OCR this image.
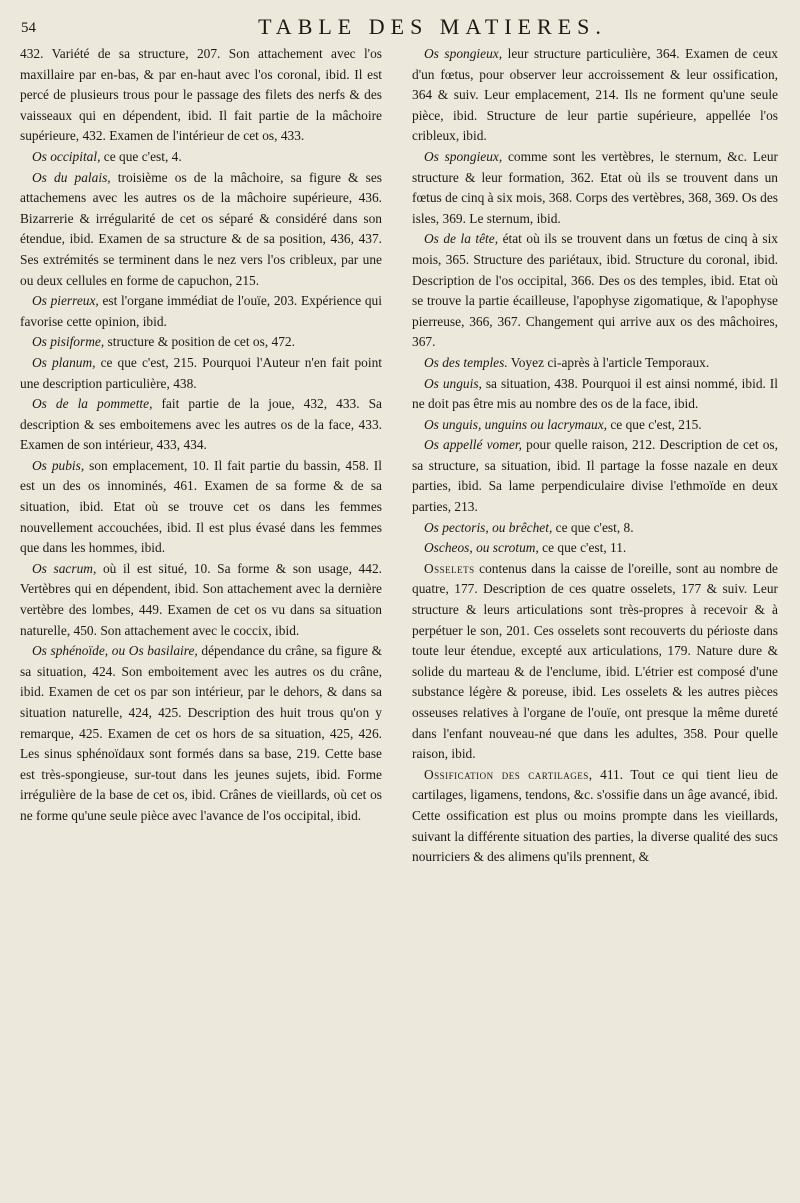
54	TABLE DES MATIERES.

432. Variété de sa structure, 207. Son attachement avec l'os maxillaire par en-bas, & par en-haut avec l'os coronal, ibid. Il est percé de plusieurs trous pour le passage des filets des nerfs & des vaisseaux qui en dépendent, ibid. Il fait partie de la mâchoire supérieure, 432. Examen de l'intérieur de cet os, 433.

Os occipital, ce que c'est, 4.

Os du palais, troisième os de la mâchoire, sa figure & ses attachemens avec les autres os de la mâchoire supérieure, 436. Bizarrerie & irrégularité de cet os séparé & considéré dans son étendue, ibid. Examen de sa structure & de sa position, 436, 437. Ses extrémités se terminent dans le nez vers l'os cribleux, par une ou deux cellules en forme de capuchon, 215.

Os pierreux, est l'organe immédiat de l'ouïe, 203. Expérience qui favorise cette opinion, ibid.

Os pisiforme, structure & position de cet os, 472.

Os planum, ce que c'est, 215. Pourquoi l'Auteur n'en fait point une description particulière, 438.

Os de la pommette, fait partie de la joue, 432, 433. Sa description & ses emboitemens avec les autres os de la face, 433. Examen de son intérieur, 433, 434.

Os pubis, son emplacement, 10. Il fait partie du bassin, 458. Il est un des os innominés, 461. Examen de sa forme & de sa situation, ibid. Etat où se trouve cet os dans les femmes nouvellement accouchées, ibid. Il est plus évasé dans les femmes que dans les hommes, ibid.

Os sacrum, où il est situé, 10. Sa forme & son usage, 442. Vertèbres qui en dépendent, ibid. Son attachement avec la dernière vertèbre des lombes, 449. Examen de cet os vu dans sa situation naturelle, 450. Son attachement avec le coccix, ibid.

Os sphénoïde, ou Os basilaire, dépendance du crâne, sa figure & sa situation, 424. Son emboitement avec les autres os du crâne, ibid. Examen de cet os par son intérieur, par le dehors, & dans sa situation naturelle, 424, 425. Description des huit trous qu'on y remarque, 425. Examen de cet os hors de sa situation, 425, 426. Les sinus sphénoïdaux sont formés dans sa base, 219. Cette base est très-spongieuse, sur-tout dans les jeunes sujets, ibid. Forme irrégulière de la base de cet os, ibid. Crânes de vieillards, où cet os ne forme qu'une seule pièce avec l'avance de l'os occipital, ibid.

Os spongieux, leur structure particulière, 364. Examen de ceux d'un fœtus, pour observer leur accroissement & leur ossification, 364 & suiv. Leur emplacement, 214. Ils ne forment qu'une seule pièce, ibid. Structure de leur partie supérieure, appellée l'os cribleux, ibid.

Os spongieux, comme sont les vertèbres, le sternum, &c. Leur structure & leur formation, 362. Etat où ils se trouvent dans un fœtus de cinq à six mois, 368. Corps des vertèbres, 368, 369. Os des isles, 369. Le sternum, ibid.

Os de la tête, état où ils se trouvent dans un fœtus de cinq à six mois, 365. Structure des pariétaux, ibid. Structure du coronal, ibid. Description de l'os occipital, 366. Des os des temples, ibid. Etat où se trouve la partie écailleuse, l'apophyse zigomatique, & l'apophyse pierreuse, 366, 367. Changement qui arrive aux os des mâchoires, 367.

Os des temples. Voyez ci-après à l'article Temporaux.

Os unguis, sa situation, 438. Pourquoi il est ainsi nommé, ibid. Il ne doit pas être mis au nombre des os de la face, ibid.

Os unguis, unguins ou lacrymaux, ce que c'est, 215.

Os appellé vomer, pour quelle raison, 212. Description de cet os, sa structure, sa situation, ibid. Il partage la fosse nazale en deux parties, ibid. Sa lame perpendiculaire divise l'ethmoïde en deux parties, 213.

Os pectoris, ou brêchet, ce que c'est, 8.

Oscheos, ou scrotum, ce que c'est, 11.

Osselets contenus dans la caisse de l'oreille, sont au nombre de quatre, 177. Description de ces quatre osselets, 177 & suiv. Leur structure & leurs articulations sont très-propres à recevoir & à perpétuer le son, 201. Ces osselets sont recouverts du périoste dans toute leur étendue, excepté aux articulations, 179. Nature dure & solide du marteau & de l'enclume, ibid. L'étrier est composé d'une substance légère & poreuse, ibid. Les osselets & les autres pièces osseuses relatives à l'organe de l'ouïe, ont presque la même dureté dans l'enfant nouveau-né que dans les adultes, 358. Pour quelle raison, ibid.

Ossification des cartilages, 411. Tout ce qui tient lieu de cartilages, ligamens, tendons, &c. s'ossifie dans un âge avancé, ibid. Cette ossification est plus ou moins prompte dans les vieillards, suivant la différente situation des parties, la diverse qualité des sucs nourriciers & des alimens qu'ils prennent, &
